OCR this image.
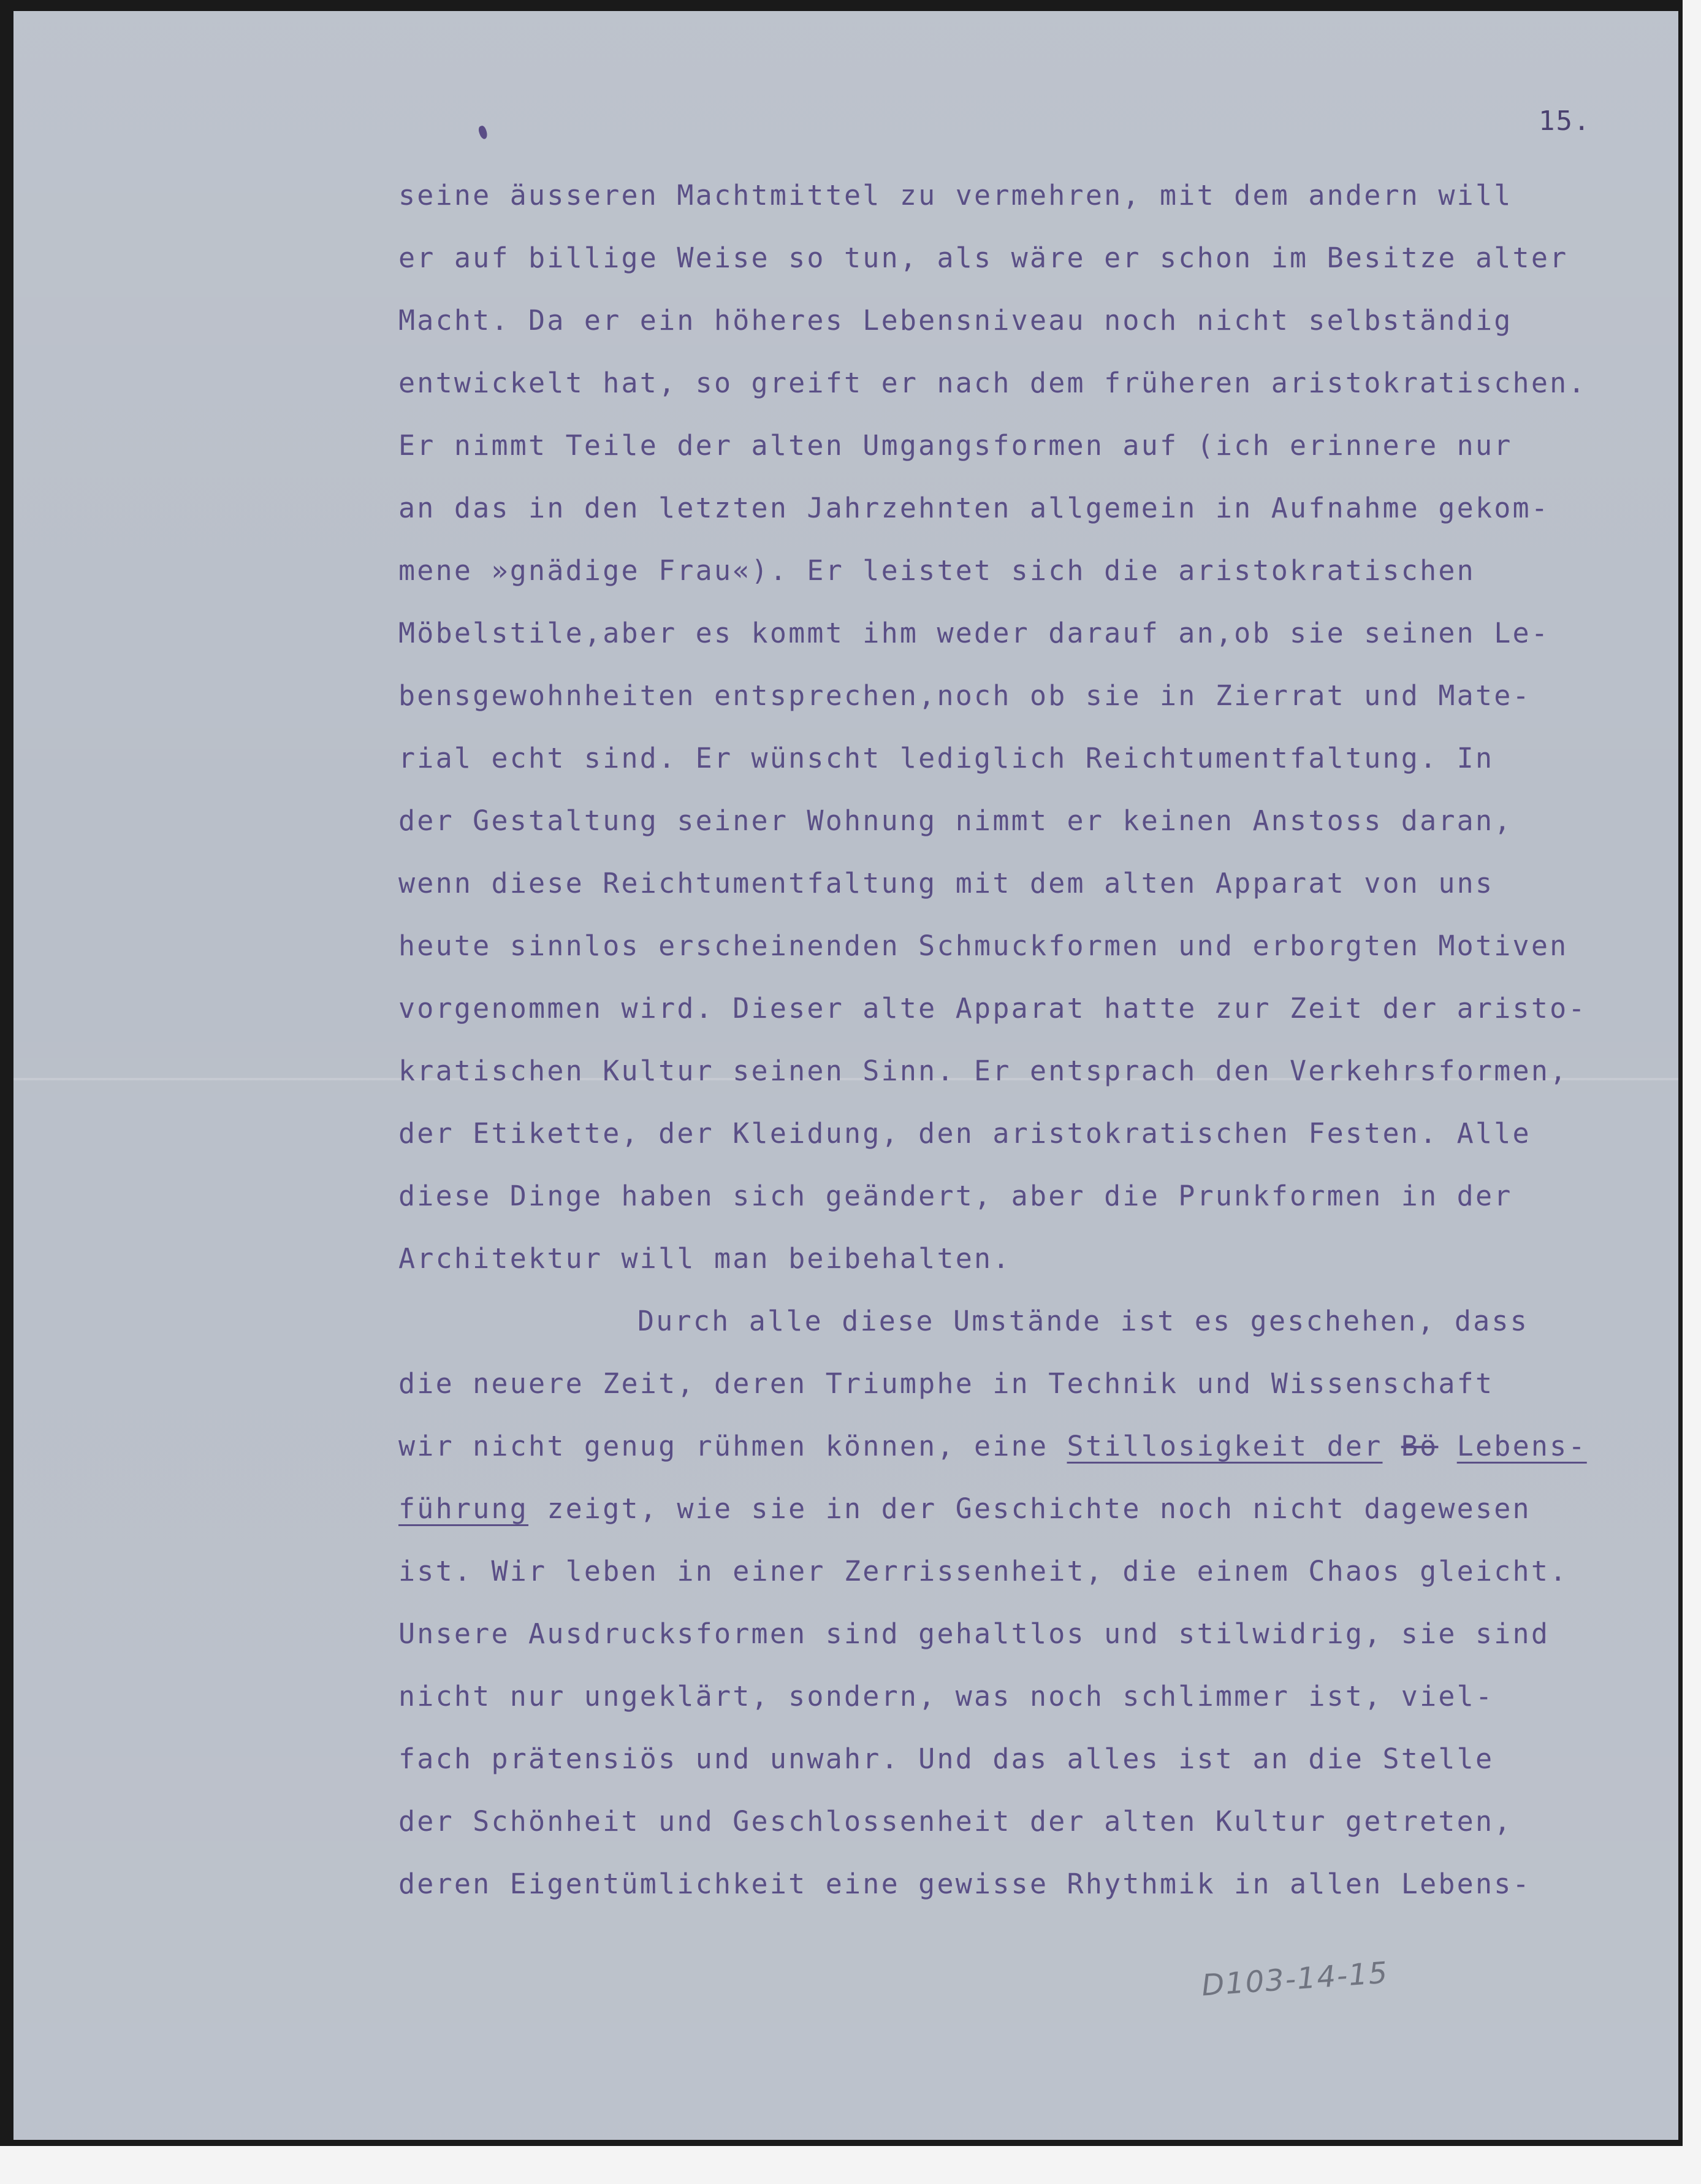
15.
seine äusseren Machtmittel zu vermehren, mit dem andern will
er auf billige Weise so tun, als wäre er schon im Besitze alter
Macht. Da er ein höheres Lebensniveau noch nicht selbständig
entwickelt hat, so greift er nach dem früheren aristokratischen.
Er nimmt Teile der alten Umgangsformen auf (ich erinnere nur
an das in den letzten Jahrzehnten allgemein in Aufnahme gekom-
mene »gnädige Frau«). Er leistet sich die aristokratischen
Möbelstile,aber es kommt ihm weder darauf an,ob sie seinen Le-
bensgewohnheiten entsprechen,noch ob sie in Zierrat und Mate-
rial echt sind. Er wünscht lediglich Reichtumentfaltung. In
der Gestaltung seiner Wohnung nimmt er keinen Anstoss daran,
wenn diese Reichtumentfaltung mit dem alten Apparat von uns
heute sinnlos erscheinenden Schmuckformen und erborgten Motiven
vorgenommen wird. Dieser alte Apparat hatte zur Zeit der aristo-
kratischen Kultur seinen Sinn. Er entsprach den Verkehrsformen,
der Etikette, der Kleidung, den aristokratischen Festen. Alle
diese Dinge haben sich geändert, aber die Prunkformen in der
Architektur will man beibehalten.
Durch alle diese Umstände ist es geschehen, dass
die neuere Zeit, deren Triumphe in Technik und Wissenschaft
wir nicht genug rühmen können, eine Stillosigkeit der Bö Lebens-
führung zeigt, wie sie in der Geschichte noch nicht dagewesen
ist. Wir leben in einer Zerrissenheit, die einem Chaos gleicht.
Unsere Ausdrucksformen sind gehaltlos und stilwidrig, sie sind
nicht nur ungeklärt, sondern, was noch schlimmer ist, viel-
fach prätensiös und unwahr. Und das alles ist an die Stelle
der Schönheit und Geschlossenheit der alten Kultur getreten,
deren Eigentümlichkeit eine gewisse Rhythmik in allen Lebens-
D103-14-15
